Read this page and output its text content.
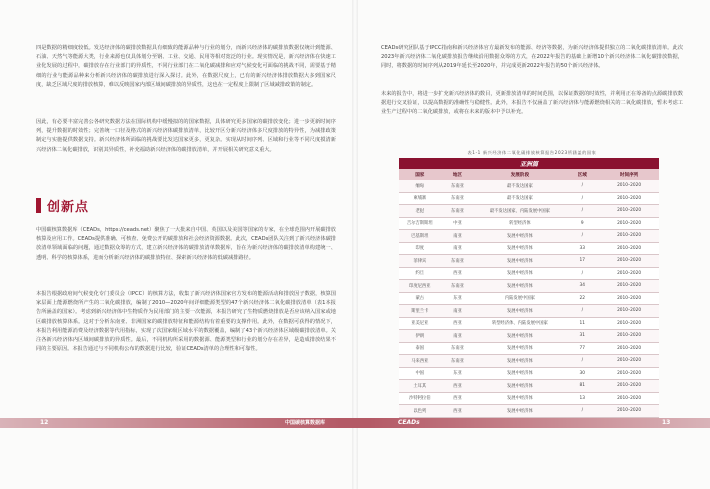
四是数据的精细度较低。发达经济体的碳排放数据具有细致的能源品种与行业的划分，而新兴经济体的碳排放数据仅统计到能源、石油、天然气等能源大类，行业来源也仅具体划分至钢、工业、交通、民用等相对宽泛的行业。现实情况是，新兴经济体在快速工业化发展的过程中，碳排放存在行业部门的异质性，不同行业部门在二氧化碳减排和应对气候变化可面临的挑战不同，需要基于精细的行业与能源品种来分析新兴经济体的碳排放进行深入探讨。此外，在数据尺度上，已有的新兴经济体排放数据大多到国家尺度，缺乏区域尺度的排放核算，难以反映国家内部区域间碳排放的异质性，这也在一定程度上限制了区域减排政策的制定。

因此，有必要丰富完善公各研究数据方法在国际机构中缓慢拟的的国家数据，具体研究更多国家的碳排放变化；进一步更新时间序列，提升数据的时效性；完善统一口径及格式的新兴经济体碳排放清单，比较开区分新兴经济体多尺度排放的特异性，为减排政策制定与实施提供数据支持。新兴经济体所面临的挑战要比发达国家更多，更复杂。实现从时间序列、区域和行业等不同尺度摸清新兴经济体二氧化碳排放，识别其异质性，补充福助新兴经济体的碳排放清单，并开展相关研究意义重大。

创新点

中国碳核算数据库（CEADs，https://ceads.net）聚焦了一大批来自中国、英国以及美国等国家的专家，在全球范围内开展碳排放核算及应用工作。CEADs提供准确、可核查、免费公开的碳排放和社会经济资源数据。此次，CEADs团队关注到了新兴经济体碳排放清单领域面临的问题，通过数据众筹的方式，建立新兴经济体的碳排放清单数据库，旨在为新兴经济体的碳排放清单构建统一、透明、科学的核算体系，进而分析新兴经济体的碳排放特征、探索新兴经济体的低碳减排路径。

本报告根据政府间气候变化专门委员会（IPCC）的核算方法，收集了新兴经济体国家官方发布的能源活动和排放因子数据，核算国家层面上能源燃烧所产生的二氧化碳排放，编制了2010—2020年间详细能源类型的47个新兴经济体二氧化碳排放清单（表1本报告所涵盖的国家）。考虑到新兴经济体中生物质作为民用部门的主要一次能源，本报告研究了生物质燃烧排放是否应该纳入国家或地区碳排放核算体系。这对于分析东南亚、非洲国家的碳排放特征和能源结构有着重要的支撑作用。此外，在数据可获得的情况下，本报告利用能源消费及经济数据等代用指标，实现了次国家级区域水平的数据覆盖，编制了43个新兴经济体区域级碳排放清单。关注各新兴经济体内区域间碳排放的异质性。最后，不同机构所采用的数据源、能源类型和行业的划分存在差异，是造成排放结果不同的主要原因。本报告通过与不同机构公布的数据进行比较，验证CEADs清单的合理性和可靠性。

CEADs研究团队基于IPCC指南和新兴经济体官方最新发布的能源、经济等数据，为新兴经济体提供独立的二氧化碳排放清单。此次2023年新兴经济体二氧化碳排放报告继续沿用数据众筹的方式，在2022年报告的基础上新增10个新兴经济体二氧化碳排放数据，同时，将数据的时间序列从2019年延长至2020年，并完成更新2022年报告的50个新兴经济体。

未来的报告中，将进一步扩充新兴经济体的数目，更新排放清单的时间范围，以保证数据的时效性，并利用正在筹备的点源碳排放数据进行交叉验证，以提高数据的准确性与稳健性。此外，本报告不仅涵盖了新兴经济体与能源燃烧相关的二氧化碳排放，暂未考虑工业生产过程中的二氧化碳排放，或将在未来的版本中予以补充。

表1-1 新兴经济体二氧化碳排放核算报告2023所涵盖的国家
亚洲篇				
国家	地区	发展阶段	区域	时间序列
缅甸	东南亚	最不发达国家	/	2010–2020
柬埔寨	东南亚	最不发达国家	/	2010–2020
老挝	东南亚	最不发达国家、内陆发展中国家	/	2010–2020
吉尔吉斯斯坦	中亚	转型经济体	9	2010–2020
巴基斯坦	南亚	发展中经济体	/	2010–2020
印度	南亚	发展中经济体	33	2010–2020
菲律宾	东南亚	发展中经济体	17	2010–2020
约旦	西亚	发展中经济体	/	2010–2020
印度尼西亚	东南亚	发展中经济体	34	2010–2020
蒙古	东亚	内陆发展中国家	22	2010–2020
斯里兰卡	南亚	发展中经济体	/	2010–2020
亚美尼亚	西亚	转型经济体、内陆发展中国家	11	2010–2020
伊朗	南亚	发展中经济体	31	2010–2020
泰国	东南亚	发展中经济体	77	2010–2020
马来西亚	东南亚	发展中经济体	/	2010–2020
中国	东亚	发展中经济体	30	2010–2020
土耳其	西亚	发展中经济体	81	2010–2020
沙特阿拉伯	西亚	发展中经济体	13	2010–2020
以色列	西亚	发展中经济体	/	2010–2020
12	中国碳核算数据库	CEADs	13
